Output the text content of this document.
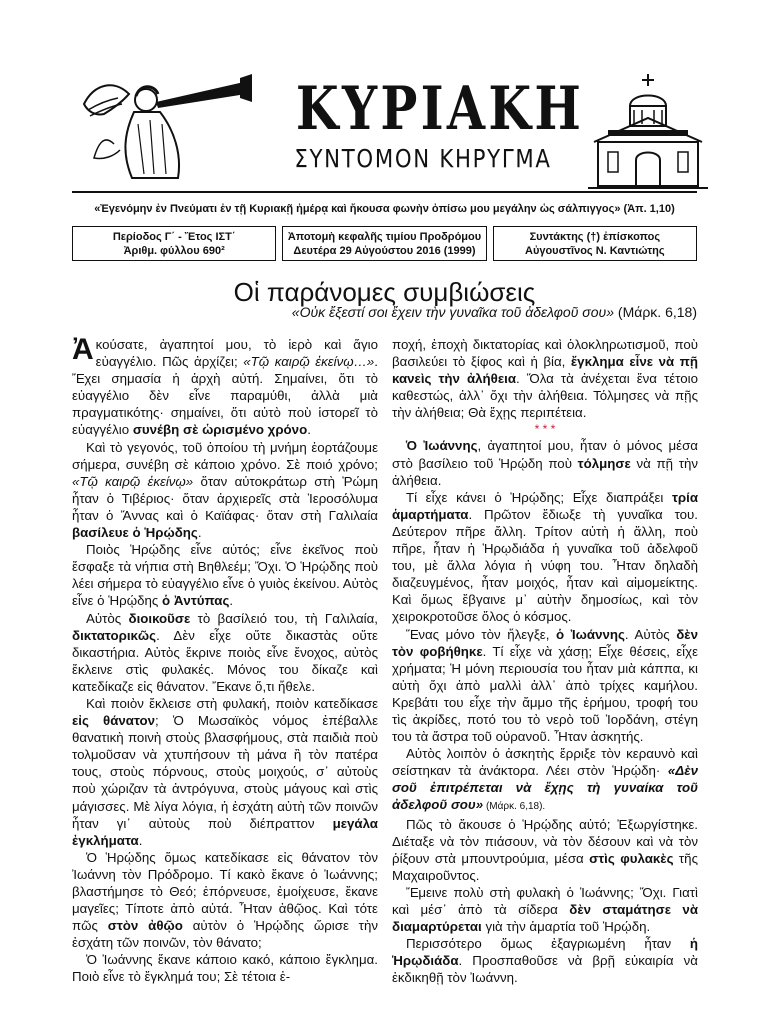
ΚΥΡΙΑΚΗ
ΣΥΝΤΟΜΟΝ ΚΗΡΥΓΜΑ
«Ἐγενόμην ἐν Πνεύματι ἐν τῇ Κυριακῇ ἡμέρᾳ καὶ ἤκουσα φωνὴν ὀπίσω μου μεγάλην ὡς σάλπιγγος» (Ἀπ. 1,10)
Περίοδος Γ΄ - Ἔτος ΙΣΤ΄
Ἀριθμ. φύλλου 690²
Ἀποτομὴ κεφαλῆς τιμίου Προδρόμου
Δευτέρα 29 Αὐγούστου 2016 (1999)
Συντάκτης (†) ἐπίσκοπος
Αὐγουστῖνος Ν. Καντιώτης
Οἱ παράνομες συμβιώσεις
«Οὐκ ἔξεστί σοι ἔχειν τὴν γυναῖκα τοῦ ἀδελφοῦ σου» (Μάρκ. 6,18)

Ἀκούσατε, ἀγαπητοί μου, τὸ ἱερὸ καὶ ἅγιο εὐαγγέλιο. Πῶς ἀρχίζει; «Τῷ καιρῷ ἐκείνῳ…». Ἔχει σημασία ἡ ἀρχὴ αὐτή. Σημαίνει, ὅτι τὸ εὐαγγέλιο δὲν εἶνε παραμύθι, ἀλλὰ μιὰ πραγματικότης· σημαίνει, ὅτι αὐτὸ ποὺ ἱστορεῖ τὸ εὐαγγέλιο συνέβη σὲ ὡρισμένο χρόνο.

Καὶ τὸ γεγονός, τοῦ ὁποίου τὴ μνήμη ἑορτάζουμε σήμερα, συνέβη σὲ κάποιο χρόνο. Σὲ ποιό χρόνο; «Τῷ καιρῷ ἐκείνῳ» ὅταν αὐτοκράτωρ στὴ Ῥώμη ἦταν ὁ Τιβέριος· ὅταν ἀρχιερεῖς στὰ Ἱεροσόλυμα ἦταν ὁ Ἄννας καὶ ὁ Καϊάφας· ὅταν στὴ Γαλιλαία βασίλευε ὁ Ἡρῴδης.

Ποιὸς Ἡρῴδης εἶνε αὐτός; εἶνε ἐκεῖνος ποὺ ἔσφαξε τὰ νήπια στὴ Βηθλεέμ; Ὄχι. Ὁ Ἡρῴδης ποὺ λέει σήμερα τὸ εὐαγγέλιο εἶνε ὁ γυιὸς ἐκείνου. Αὐτὸς εἶνε ὁ Ἡρῴδης ὁ Ἀντύπας.

Αὐτὸς διοικοῦσε τὸ βασίλειό του, τὴ Γαλιλαία, δικτατορικῶς. Δὲν εἶχε οὔτε δικαστὰς οὔτε δικαστήρια. Αὐτὸς ἔκρινε ποιὸς εἶνε ἔνοχος, αὐτὸς ἔκλεινε στὶς φυλακές. Μόνος του δίκαζε καὶ κατεδίκαζε εἰς θάνατον. Ἔκανε ὅ,τι ἤθελε.

Καὶ ποιὸν ἔκλεισε στὴ φυλακή, ποιὸν κατεδίκασε εἰς θάνατον; Ὁ Μωσαϊκὸς νόμος ἐπέβαλλε θανατικὴ ποινὴ στοὺς βλασφήμους, στὰ παιδιὰ ποὺ τολμοῦσαν νὰ χτυπήσουν τὴ μάνα ἢ τὸν πατέρα τους, στοὺς πόρνους, στοὺς μοιχούς, σ᾽ αὐτοὺς ποὺ χώριζαν τὰ ἀντρόγυνα, στοὺς μάγους καὶ στὶς μάγισσες. Μὲ λίγα λόγια, ἡ ἐσχάτη αὐτὴ τῶν ποινῶν ἦταν γι᾽ αὐτοὺς ποὺ διέπραττον μεγάλα ἐγκλήματα.

Ὁ Ἡρῴδης ὅμως κατεδίκασε εἰς θάνατον τὸν Ἰωάννη τὸν Πρόδρομο. Τί κακὸ ἔκανε ὁ Ἰωάννης; βλαστήμησε τὸ Θεό; ἐπόρνευσε, ἐμοίχευσε, ἔκανε μαγεῖες; Τίποτε ἀπὸ αὐτά. Ἦταν ἀθῷος. Καὶ τότε πῶς στὸν ἀθῷο αὐτὸν ὁ Ἡρῴδης ὥρισε τὴν ἐσχάτη τῶν ποινῶν, τὸν θάνατο;

Ὁ Ἰωάννης ἔκανε κάποιο κακό, κάποιο ἔγκλημα. Ποιὸ εἶνε τὸ ἔγκλημά του; Σὲ τέτοια ἐ-

ποχή, ἐποχὴ δικτατορίας καὶ ὁλοκληρωτισμοῦ, ποὺ βασιλεύει τὸ ξίφος καὶ ἡ βία, ἔγκλημα εἶνε νὰ πῇ κανεὶς τὴν ἀλήθεια. Ὅλα τὰ ἀνέχεται ἕνα τέτοιο καθεστώς, ἀλλ᾽ ὄχι τὴν ἀλήθεια. Τόλμησες νὰ πῇς τὴν ἀλήθεια; Θὰ ἔχῃς περιπέτεια.

* * *

Ὁ Ἰωάννης, ἀγαπητοί μου, ἦταν ὁ μόνος μέσα στὸ βασίλειο τοῦ Ἡρῴδη ποὺ τόλμησε νὰ πῇ τὴν ἀλήθεια.

Τί εἶχε κάνει ὁ Ἡρῴδης; Εἶχε διαπράξει τρία ἁμαρτήματα. Πρῶτον ἔδιωξε τὴ γυναῖκα του. Δεύτερον πῆρε ἄλλη. Τρίτον αὐτὴ ἡ ἄλλη, ποὺ πῆρε, ἦταν ἡ Ἡρῳδιάδα ἡ γυναῖκα τοῦ ἀδελφοῦ του, μὲ ἄλλα λόγια ἡ νύφη του. Ἦταν δηλαδὴ διαζευγμένος, ἦταν μοιχός, ἦταν καὶ αἱμομείκτης. Καὶ ὅμως ἔβγαινε μ᾽ αὐτὴν δημοσίως, καὶ τὸν χειροκροτοῦσε ὅλος ὁ κόσμος.

Ἕνας μόνο τὸν ἤλεγξε, ὁ Ἰωάννης. Αὐτὸς δὲν τὸν φοβήθηκε. Τί εἶχε νὰ χάσῃ; Εἶχε θέσεις, εἶχε χρήματα; Ἡ μόνη περιουσία του ἦταν μιὰ κάππα, κι αὐτὴ ὄχι ἀπὸ μαλλὶ ἀλλ᾽ ἀπὸ τρίχες καμήλου. Κρεβάτι του εἶχε τὴν ἄμμο τῆς ἐρήμου, τροφή του τὶς ἀκρίδες, ποτό του τὸ νερὸ τοῦ Ἰορδάνη, στέγη του τὰ ἄστρα τοῦ οὐρανοῦ. Ἦταν ἀσκητής.

Αὐτὸς λοιπὸν ὁ ἀσκητὴς ἔρριξε τὸν κεραυνὸ καὶ σείστηκαν τὰ ἀνάκτορα. Λέει στὸν Ἡρῴδη· «Δὲν σοῦ ἐπιτρέπεται νὰ ἔχῃς τὴ γυναίκα τοῦ ἀδελφοῦ σου» (Μάρκ. 6,18).

Πῶς τὸ ἄκουσε ὁ Ἡρῴδης αὐτό; Ἐξωργίστηκε. Διέταξε νὰ τὸν πιάσουν, νὰ τὸν δέσουν καὶ νὰ τὸν ῥίξουν στὰ μπουντρούμια, μέσα στὶς φυλακὲς τῆς Μαχαιροῦντος.

Ἔμεινε πολὺ στὴ φυλακὴ ὁ Ἰωάννης; Ὄχι. Γιατὶ καὶ μέσ᾽ ἀπὸ τὰ σίδερα δὲν σταμάτησε νὰ διαμαρτύρεται γιὰ τὴν ἁμαρτία τοῦ Ἡρῴδη.

Περισσότερο ὅμως ἐξαγριωμένη ἦταν ἡ Ἡρῳδιάδα. Προσπαθοῦσε νὰ βρῇ εὐκαιρία νὰ ἐκδικηθῇ τὸν Ἰωάννη.
